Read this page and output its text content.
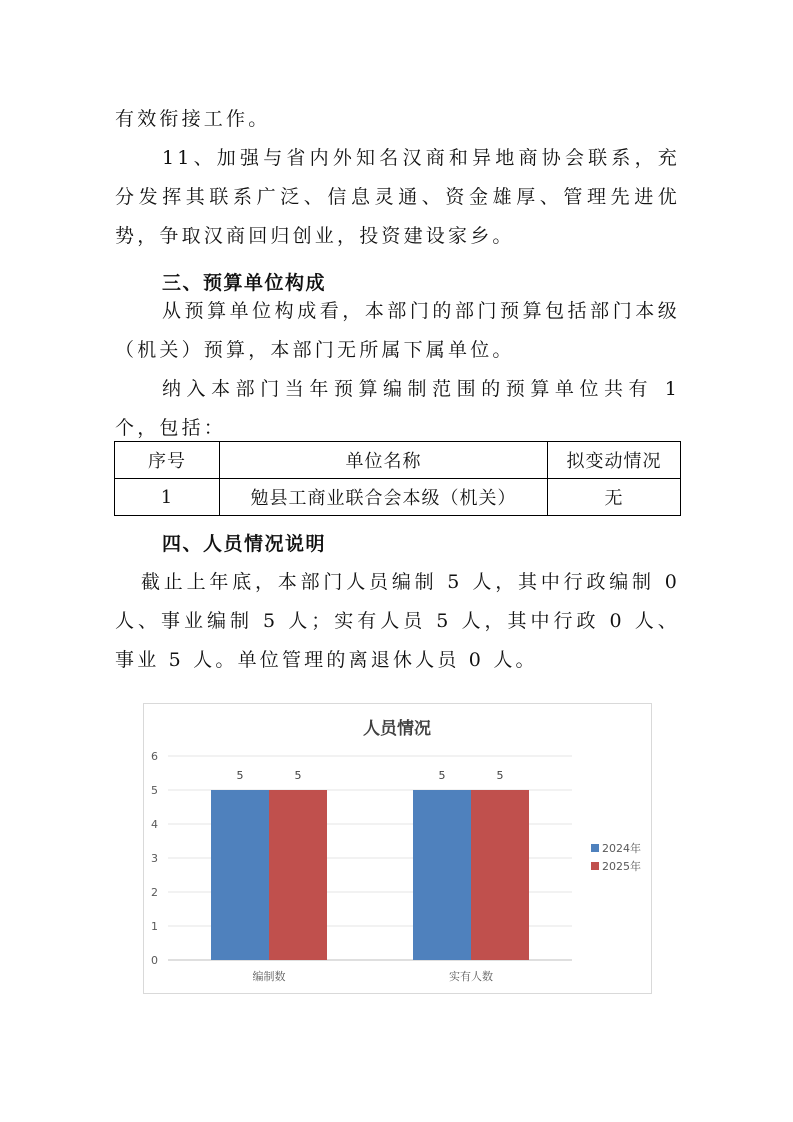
有效衔接工作。

11、加强与省内外知名汉商和异地商协会联系，充分发挥其联系广泛、信息灵通、资金雄厚、管理先进优势，争取汉商回归创业，投资建设家乡。

三、预算单位构成

从预算单位构成看，本部门的部门预算包括部门本级（机关）预算，本部门无所属下属单位。

纳入本部门当年预算编制范围的预算单位共有 1 个，包括：

序号	单位名称	拟变动情况
1	勉县工商业联合会本级（机关）	无

四、人员情况说明

截止上年底，本部门人员编制 5 人，其中行政编制 0 人、事业编制 5 人；实有人员 5 人，其中行政 0 人、事业 5 人。单位管理的离退休人员 0 人。

人员情况
0
1
2
3
4
5
6
5	5
编制数
5	5
实有人数
2024年
2025年
